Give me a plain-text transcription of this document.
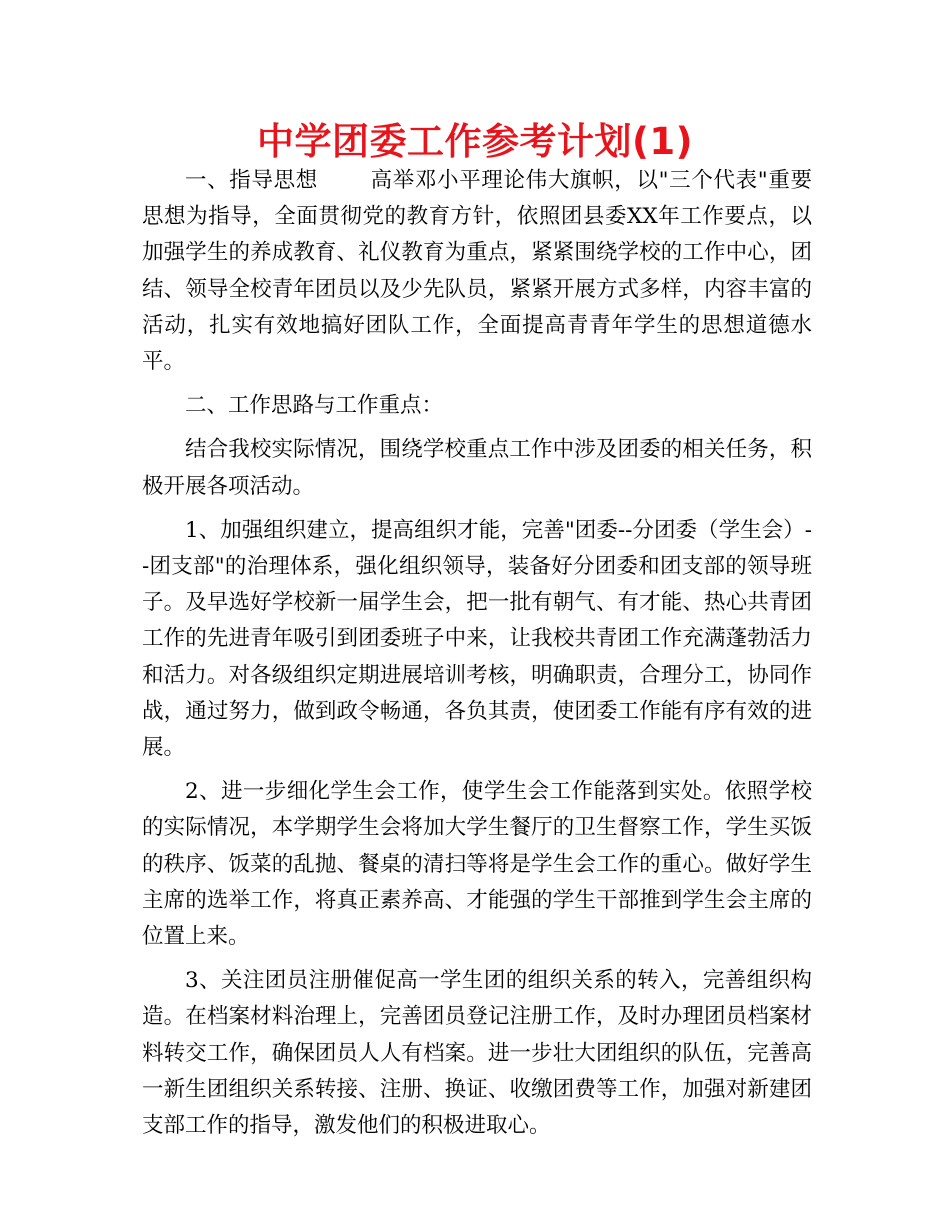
中学团委工作参考计划(1)

一、指导思想 高举邓小平理论伟大旗帜，以"三个代表"重要思想为指导，全面贯彻党的教育方针，依照团县委XX年工作要点，以加强学生的养成教育、礼仪教育为重点，紧紧围绕学校的工作中心，团结、领导全校青年团员以及少先队员，紧紧开展方式多样，内容丰富的活动，扎实有效地搞好团队工作，全面提高青青年学生的思想道德水平。

二、工作思路与工作重点：

结合我校实际情况，围绕学校重点工作中涉及团委的相关任务，积极开展各项活动。

1、加强组织建立，提高组织才能，完善"团委--分团委（学生会）--团支部"的治理体系，强化组织领导，装备好分团委和团支部的领导班子。及早选好学校新一届学生会，把一批有朝气、有才能、热心共青团工作的先进青年吸引到团委班子中来，让我校共青团工作充满蓬勃活力和活力。对各级组织定期进展培训考核，明确职责，合理分工，协同作战，通过努力，做到政令畅通，各负其责，使团委工作能有序有效的进展。

2、进一步细化学生会工作，使学生会工作能落到实处。依照学校的实际情况，本学期学生会将加大学生餐厅的卫生督察工作，学生买饭的秩序、饭菜的乱抛、餐桌的清扫等将是学生会工作的重心。做好学生主席的选举工作，将真正素养高、才能强的学生干部推到学生会主席的位置上来。

3、关注团员注册催促高一学生团的组织关系的转入，完善组织构造。在档案材料治理上，完善团员登记注册工作，及时办理团员档案材料转交工作，确保团员人人有档案。进一步壮大团组织的队伍，完善高一新生团组织关系转接、注册、换证、收缴团费等工作，加强对新建团支部工作的指导，激发他们的积极进取心。
